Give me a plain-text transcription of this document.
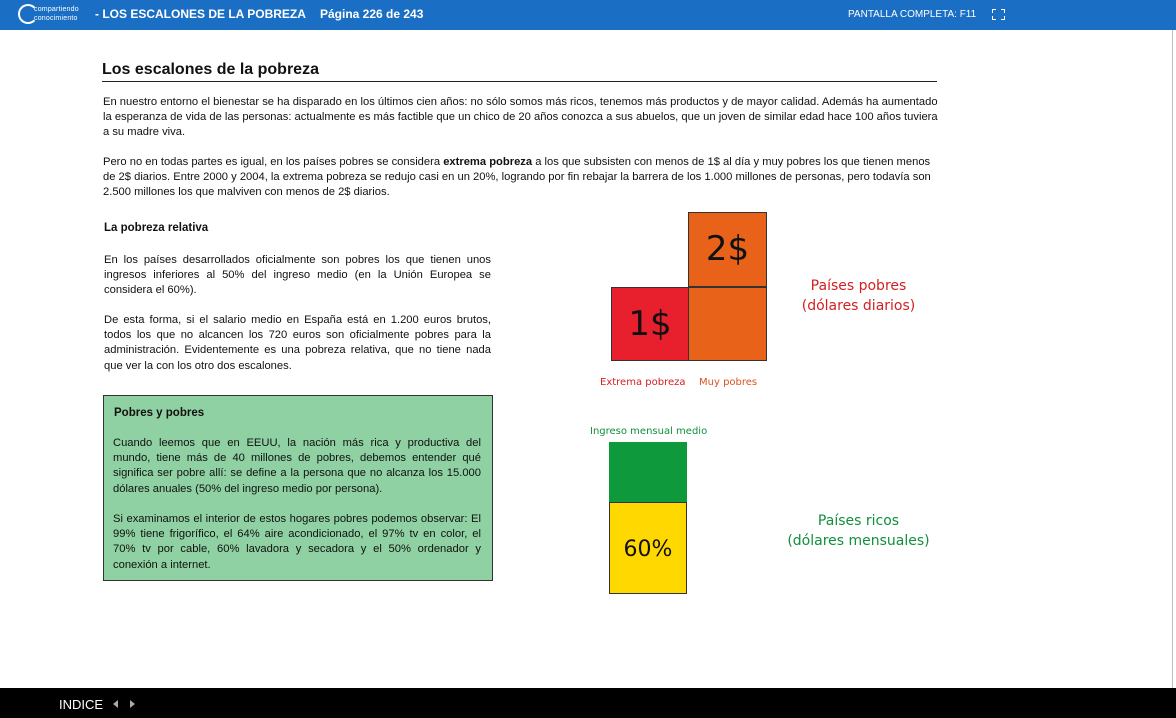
compartiendo
conocimiento - LOS ESCALONES DE LA POBREZA Página 226 de 243	PANTALLA COMPLETA: F11
Los escalones de la pobreza

En nuestro entorno el bienestar se ha disparado en los últimos cien años: no sólo somos más ricos, tenemos más productos y de mayor calidad. Además ha aumentado la esperanza de vida de las personas: actualmente es más factible que un chico de 20 años conozca a sus abuelos, que un joven de similar edad hace 100 años tuviera a su madre viva.

Pero no en todas partes es igual, en los países pobres se considera extrema pobreza a los que subsisten con menos de 1$ al día y muy pobres los que tienen menos de 2$ diarios. Entre 2000 y 2004, la extrema pobreza se redujo casi en un 20%, logrando por fin rebajar la barrera de los 1.000 millones de personas, pero todavía son 2.500 millones los que malviven con menos de 2$ diarios.

La pobreza relativa

En los países desarrollados oficialmente son pobres los que tienen unos ingresos inferiores al 50% del ingreso medio (en la Unión Europea se considera el 60%).

De esta forma, si el salario medio en España está en 1.200 euros brutos, todos los que no alcancen los 720 euros son oficialmente pobres para la administración. Evidentemente es una pobreza relativa, que no tiene nada que ver la con los otro dos escalones.

Pobres y pobres

Cuando leemos que en EEUU, la nación más rica y productiva del mundo, tiene más de 40 millones de pobres, debemos entender qué significa ser pobre allí: se define a la persona que no alcanza los 15.000 dólares anuales (50% del ingreso medio por persona).

Si examinamos el interior de estos hogares pobres podemos observar: El 99% tiene frigorífico, el 64% aire acondicionado, el 97% tv en color, el 70% tv por cable, 60% lavadora y secadora y el 50% ordenador y conexión a internet.

2$
1$
Extrema pobreza Muy pobres
Países pobres
(dólares diarios)
Ingreso mensual medio
60%
Países ricos
(dólares mensuales)
INDICE
